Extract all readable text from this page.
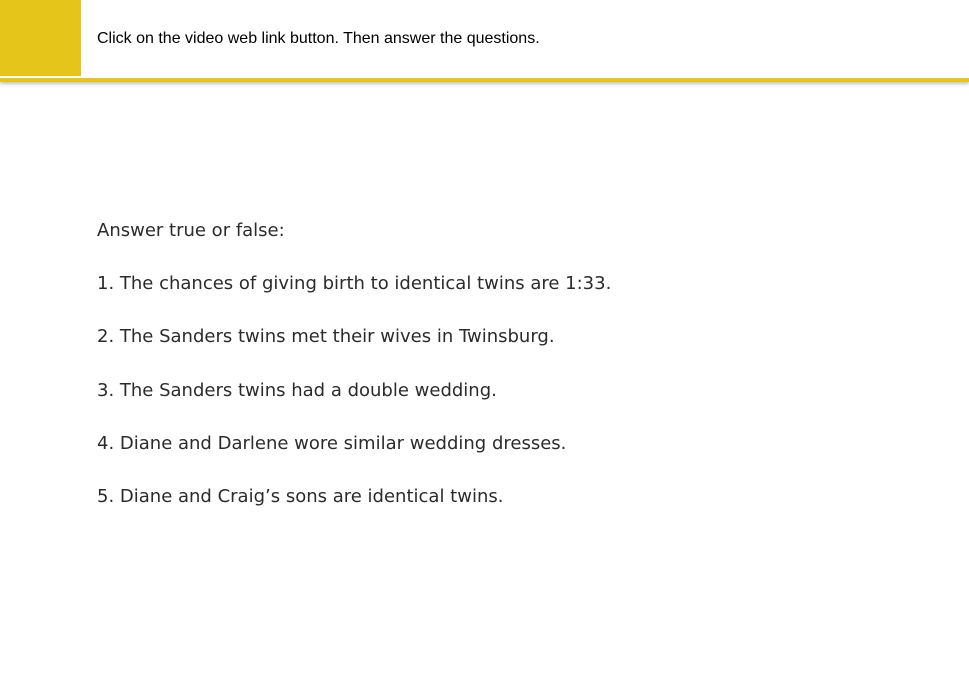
Click on the video web link button. Then answer the questions.

Answer true or false:

1. The chances of giving birth to identical twins are 1:33.

2. The Sanders twins met their wives in Twinsburg.

3. The Sanders twins had a double wedding.

4. Diane and Darlene wore similar wedding dresses.

5. Diane and Craig’s sons are identical twins.
